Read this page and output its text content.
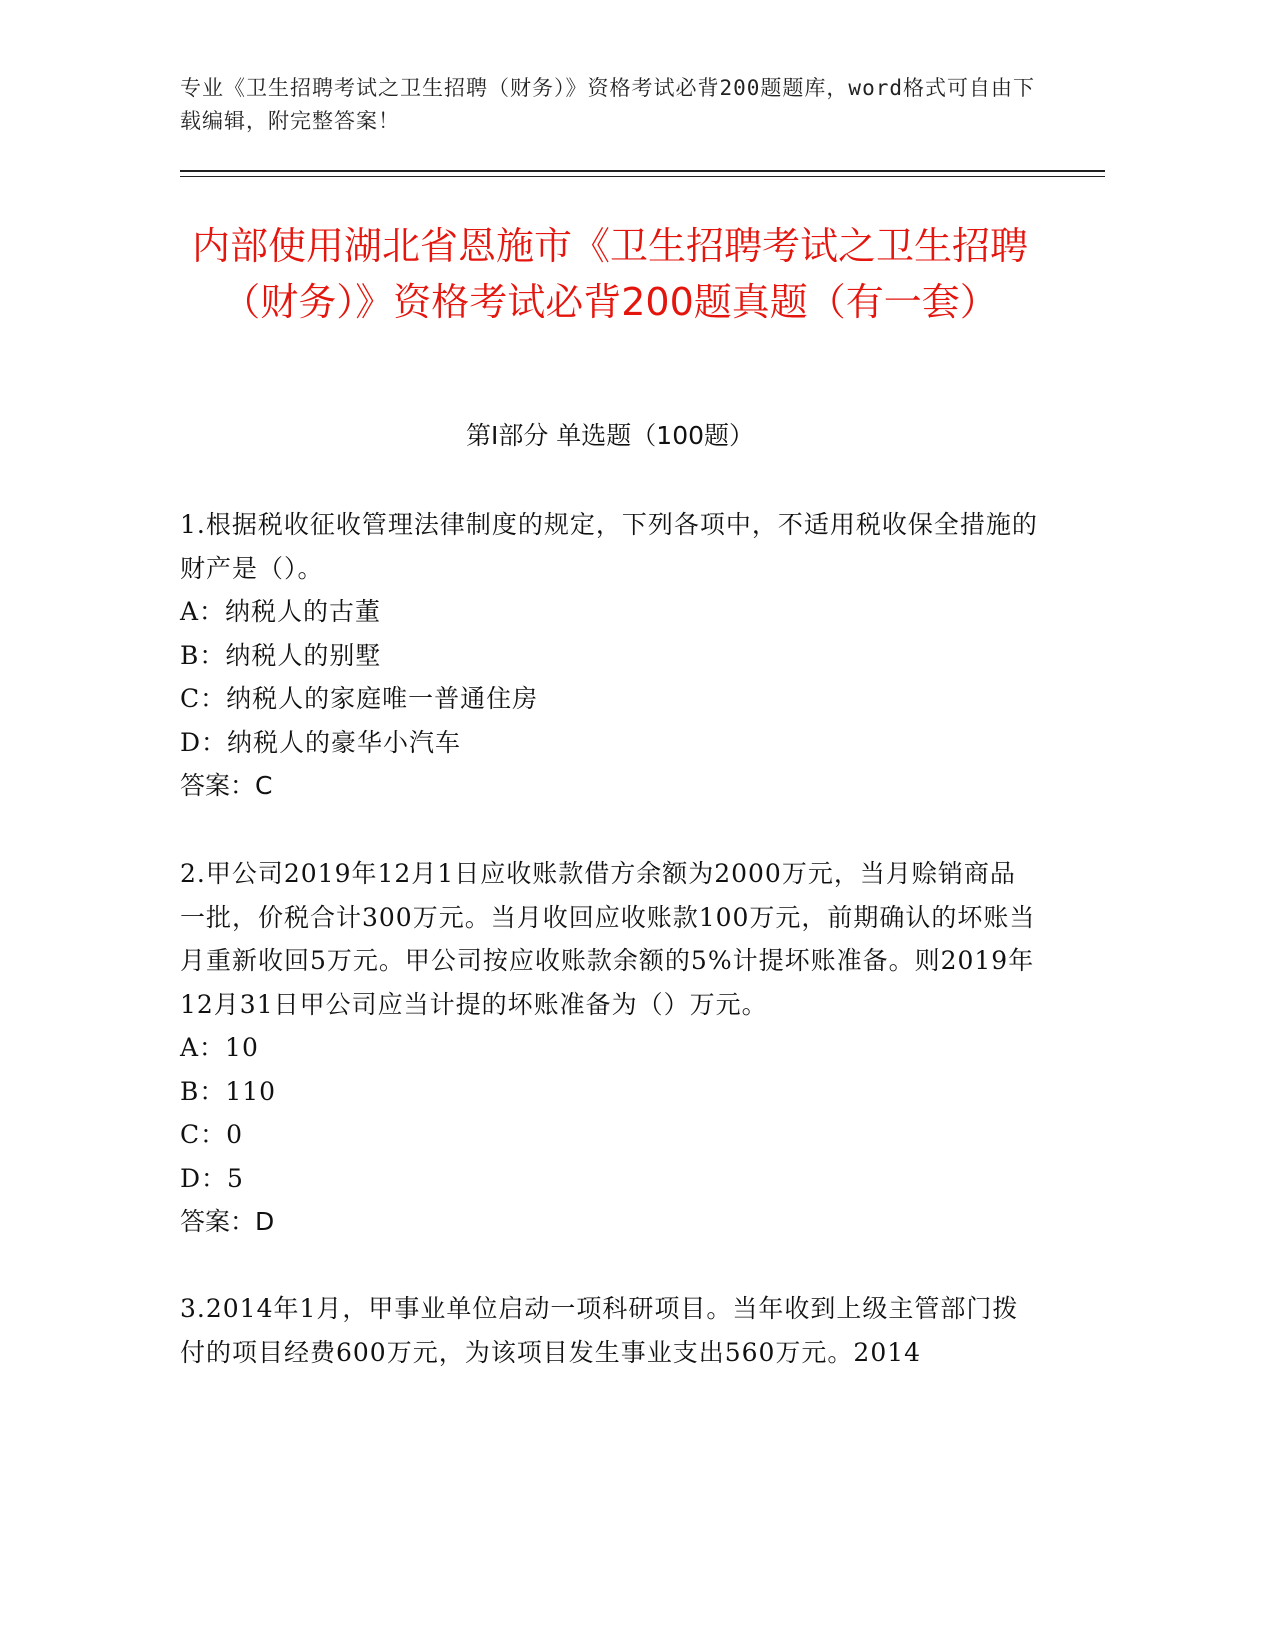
专业《卫生招聘考试之卫生招聘（财务）》资格考试必背200题题库，word格式可自由下载编辑，附完整答案！
内部使用湖北省恩施市《卫生招聘考试之卫生招聘（财务）》资格考试必背200题真题（有一套）
第I部分 单选题（100题）

1.根据税收征收管理法律制度的规定，下列各项中，不适用税收保全措施的财产是（）。

A：纳税人的古董

B：纳税人的别墅

C：纳税人的家庭唯一普通住房

D：纳税人的豪华小汽车

答案：C

2.甲公司2019年12月1日应收账款借方余额为2000万元，当月赊销商品一批，价税合计300万元。当月收回应收账款100万元，前期确认的坏账当月重新收回5万元。甲公司按应收账款余额的5%计提坏账准备。则2019年12月31日甲公司应当计提的坏账准备为（）万元。

A：10

B：110

C：0

D：5

答案：D

3.2014年1月，甲事业单位启动一项科研项目。当年收到上级主管部门拨付的项目经费600万元，为该项目发生事业支出560万元。2014
